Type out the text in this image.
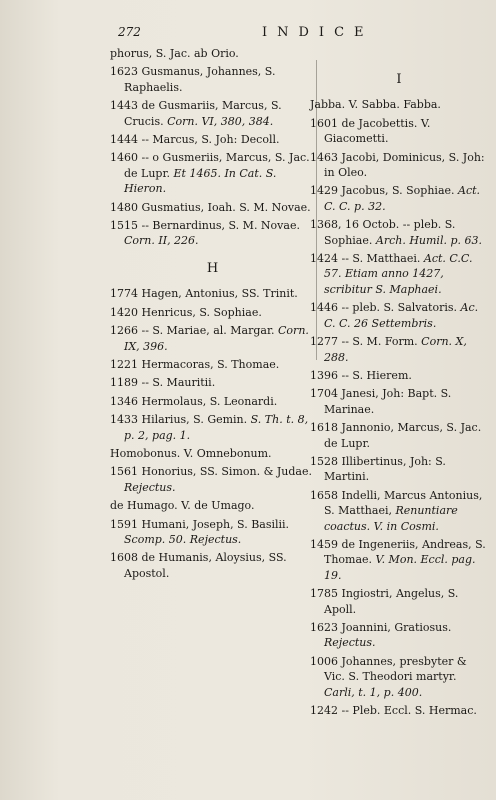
272	INDICE
phorus, S. Jac. ab Orio.
1623 Gusmanus, Johannes, S. Raphaelis.
1443 de Gusmariis, Marcus, S. Crucis. Corn. VI, 380, 384.
1444 -- Marcus, S. Joh: Decoll.
1460 -- o Gusmeriis, Marcus, S. Jac. de Lupr. Et 1465. In Cat. S. Hieron.
1480 Gusmatius, Ioah. S. M. Novae.
1515 -- Bernardinus, S. M. Novae. Corn. II, 226.
H
1774 Hagen, Antonius, SS. Trinit.
1420 Henricus, S. Sophiae.
1266 -- S. Mariae, al. Margar. Corn. IX, 396.
1221 Hermacoras, S. Thomae.
1189 -- S. Mauritii.
1346 Hermolaus, S. Leonardi.
1433 Hilarius, S. Gemin. S. Th. t. 8, p. 2, pag. 1.
Homobonus. V. Omnebonum.
1561 Honorius, SS. Simon. & Judae. Rejectus.
de Humago. V. de Umago.
1591 Humani, Joseph, S. Basilii. Scomp. 50. Rejectus.
1608 de Humanis, Aloysius, SS. Apostol.
I
Jabba. V. Sabba. Fabba.
1601 de Jacobettis. V. Giacometti.
1463 Jacobi, Dominicus, S. Joh: in Oleo.
1429 Jacobus, S. Sophiae. Act. C. C. p. 32.
1368, 16 Octob. -- pleb. S. Sophiae. Arch. Humil. p. 63.
1424 -- S. Matthaei. Act. C.C. 57. Etiam anno 1427, scribitur S. Maphaei.
1446 -- pleb. S. Salvatoris. Ac. C. C. 26 Settembris.
1277 -- S. M. Form. Corn. X, 288.
1396 -- S. Hierem.
1704 Janesi, Joh: Bapt. S. Marinae.
1618 Jannonio, Marcus, S. Jac. de Lupr.
1528 Illibertinus, Joh: S. Martini.
1658 Indelli, Marcus Antonius, S. Matthaei, Renuntiare coactus. V. in Cosmi.
1459 de Ingeneriis, Andreas, S. Thomae. V. Mon. Eccl. pag. 19.
1785 Ingiostri, Angelus, S. Apoll.
1623 Joannini, Gratiosus. Rejectus.
1006 Johannes, presbyter & Vic. S. Theodori martyr. Carli, t. 1, p. 400.
1242 -- Pleb. Eccl. S. Hermac.
